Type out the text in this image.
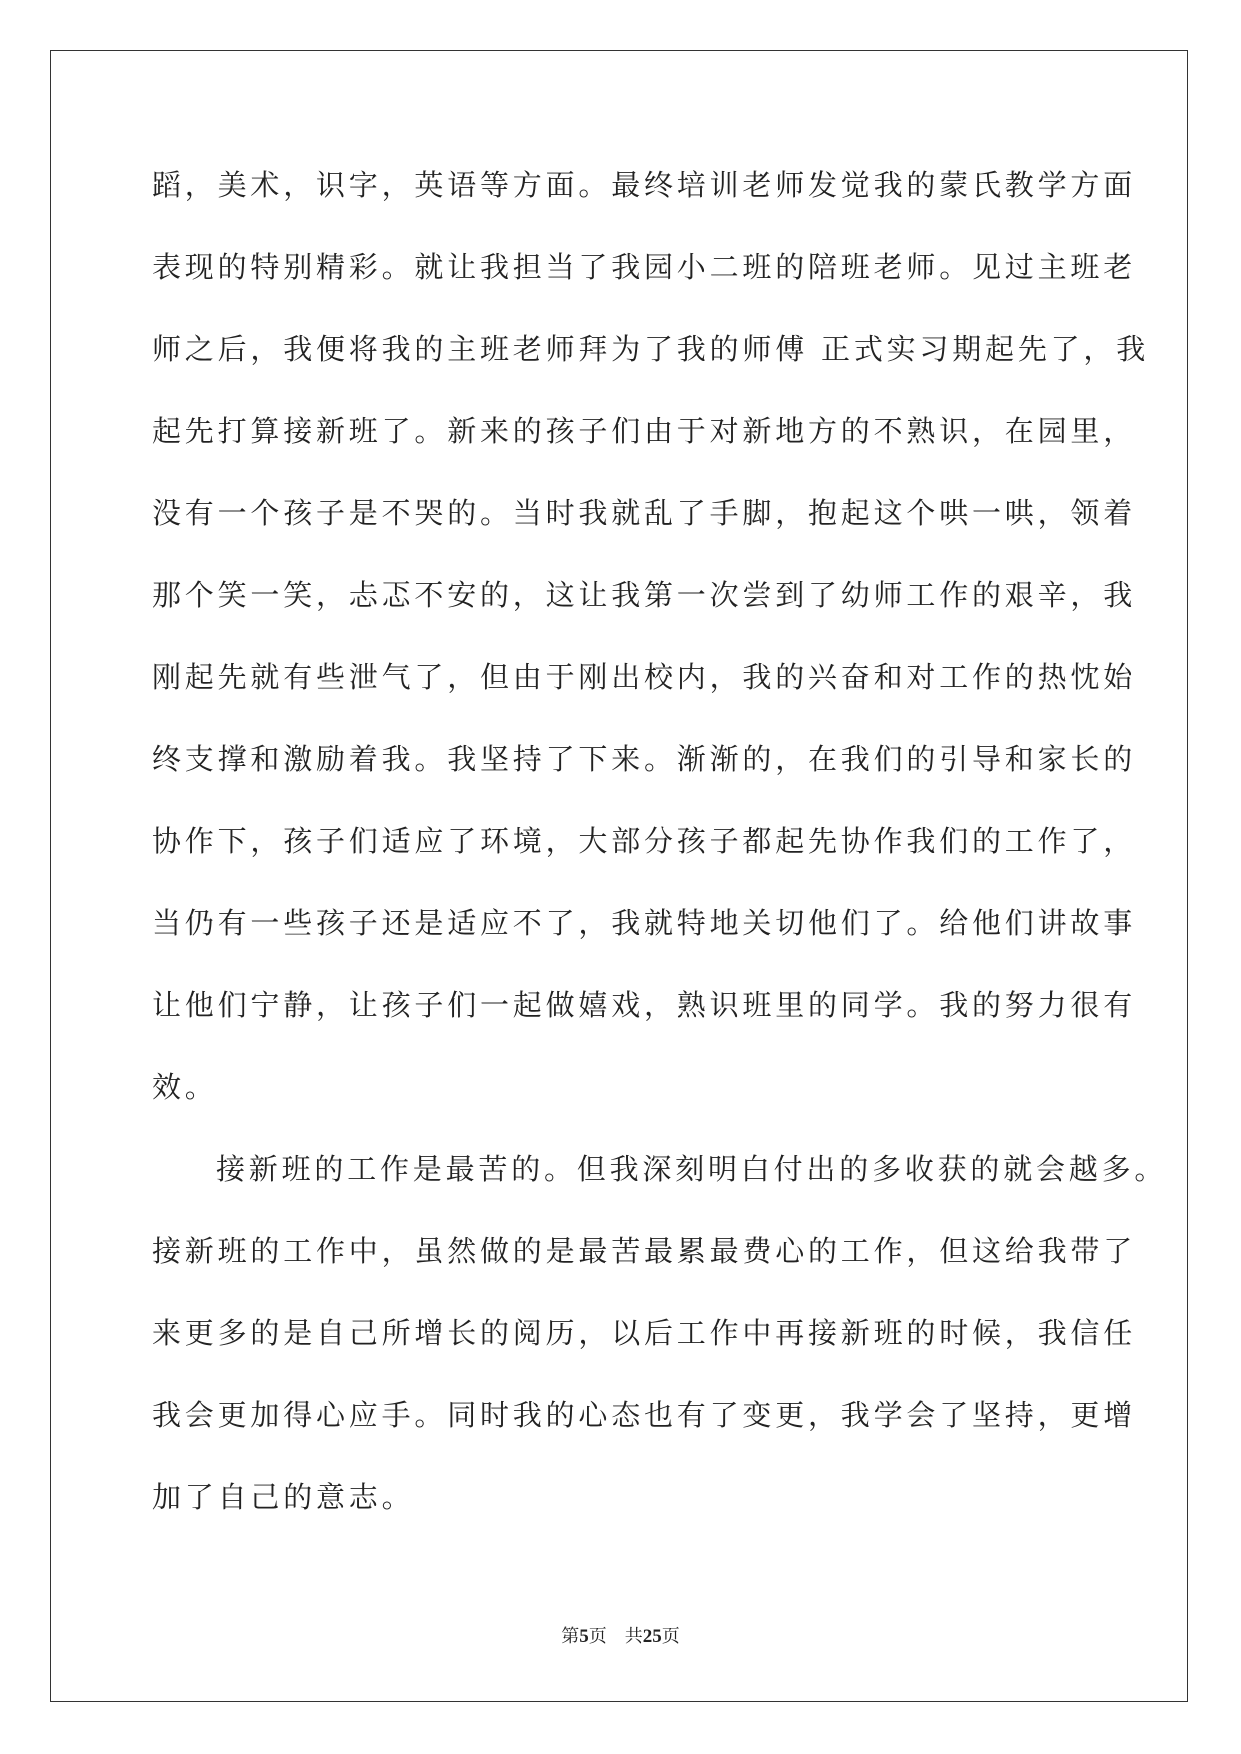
蹈，美术，识字，英语等方面。最终培训老师发觉我的蒙氏教学方面
表现的特别精彩。就让我担当了我园小二班的陪班老师。见过主班老
师之后，我便将我的主班老师拜为了我的师傅 正式实习期起先了，我
起先打算接新班了。新来的孩子们由于对新地方的不熟识，在园里，
没有一个孩子是不哭的。当时我就乱了手脚，抱起这个哄一哄，领着
那个笑一笑，忐忑不安的，这让我第一次尝到了幼师工作的艰辛，我
刚起先就有些泄气了，但由于刚出校内，我的兴奋和对工作的热忱始
终支撑和激励着我。我坚持了下来。渐渐的，在我们的引导和家长的
协作下，孩子们适应了环境，大部分孩子都起先协作我们的工作了，
当仍有一些孩子还是适应不了，我就特地关切他们了。给他们讲故事
让他们宁静，让孩子们一起做嬉戏，熟识班里的同学。我的努力很有
效。
接新班的工作是最苦的。但我深刻明白付出的多收获的就会越多。
接新班的工作中，虽然做的是最苦最累最费心的工作，但这给我带了
来更多的是自己所增长的阅历，以后工作中再接新班的时候，我信任
我会更加得心应手。同时我的心态也有了变更，我学会了坚持，更增
加了自己的意志。
第5页 共25页
